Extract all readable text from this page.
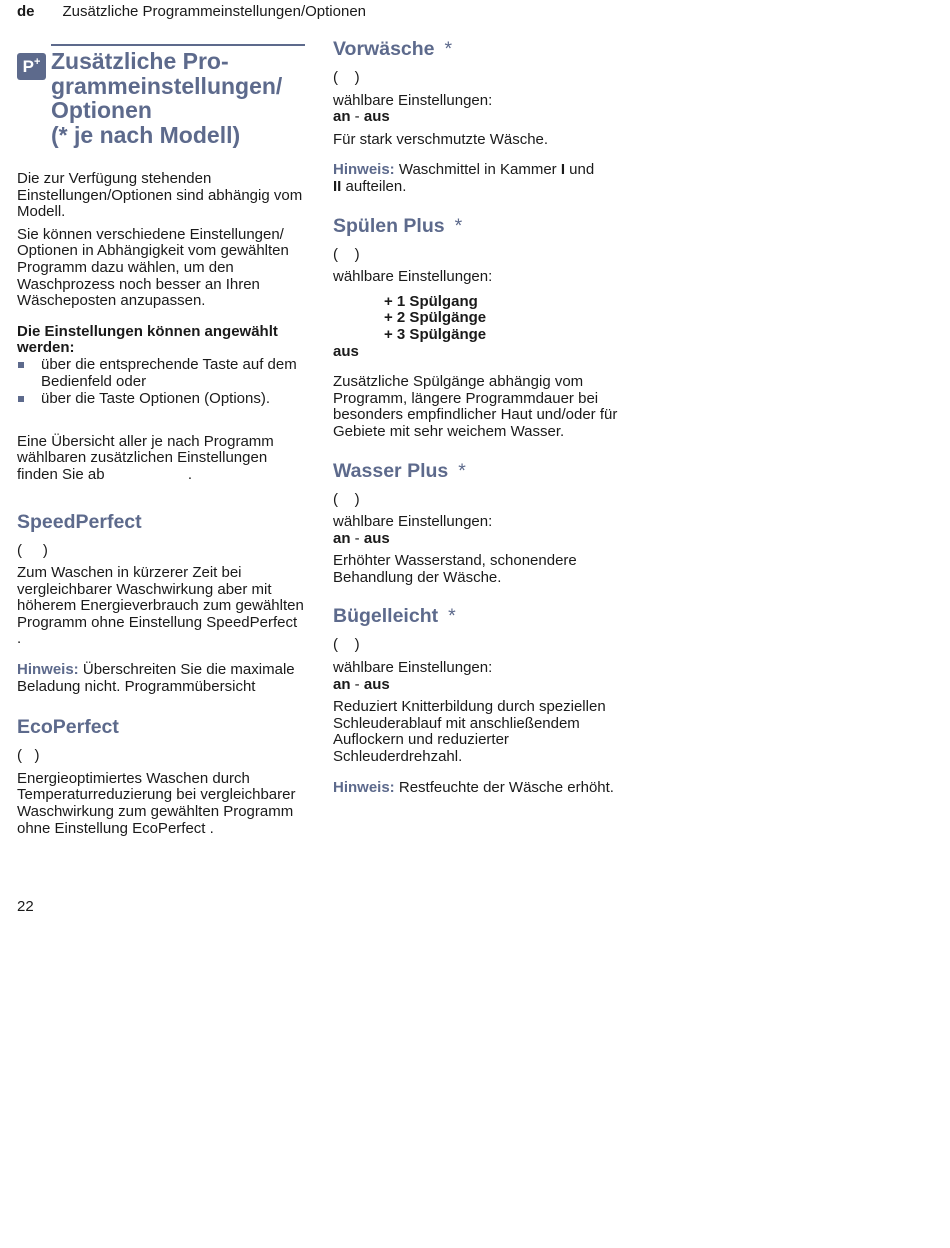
de Zusätzliche Programmeinstellungen/Optionen
P+ Zusätzliche Pro-
grammeinstellungen/
Optionen
(* je nach Modell)

Die zur Verfügung stehenden Einstellungen/Optionen sind abhängig vom Modell.

Sie können verschiedene Einstellungen/ Optionen in Abhängigkeit vom gewählten Programm dazu wählen, um den Waschprozess noch besser an Ihren Wäscheposten anzupassen.

Die Einstellungen können angewählt werden:

über die entsprechende Taste auf dem Bedienfeld oder
über die Taste Optionen (Options).

Eine Übersicht aller je nach Programm wählbaren zusätzlichen Einstellungen finden Sie ab                    .

SpeedPerfect

(     )

Zum Waschen in kürzerer Zeit bei vergleichbarer Waschwirkung aber mit höherem Energieverbrauch zum gewählten Programm ohne Einstellung SpeedPerfect .

Hinweis: Überschreiten Sie die maximale Beladung nicht. Programmübersicht

EcoPerfect

(   )

Energieoptimiertes Waschen durch Temperaturreduzierung bei vergleichbarer Waschwirkung zum gewählten Programm ohne Einstellung EcoPerfect .

Vorwäsche *

(    )

wählbare Einstellungen:

an - aus

Für stark verschmutzte Wäsche.

Hinweis: Waschmittel in Kammer I und
II aufteilen.

Spülen Plus *

(    )

wählbare Einstellungen:

+ 1 Spülgang
+ 2 Spülgänge
+ 3 Spülgänge

aus

Zusätzliche Spülgänge abhängig vom Programm, längere Programmdauer bei besonders empfindlicher Haut und/oder für Gebiete mit sehr weichem Wasser.

Wasser Plus *

(    )

wählbare Einstellungen:

an - aus

Erhöhter Wasserstand, schonendere Behandlung der Wäsche.

Bügelleicht *

(    )

wählbare Einstellungen:

an - aus

Reduziert Knitterbildung durch speziellen Schleuderablauf mit anschließendem Auflockern und reduzierter Schleuderdrehzahl.

Hinweis: Restfeuchte der Wäsche erhöht.

22
